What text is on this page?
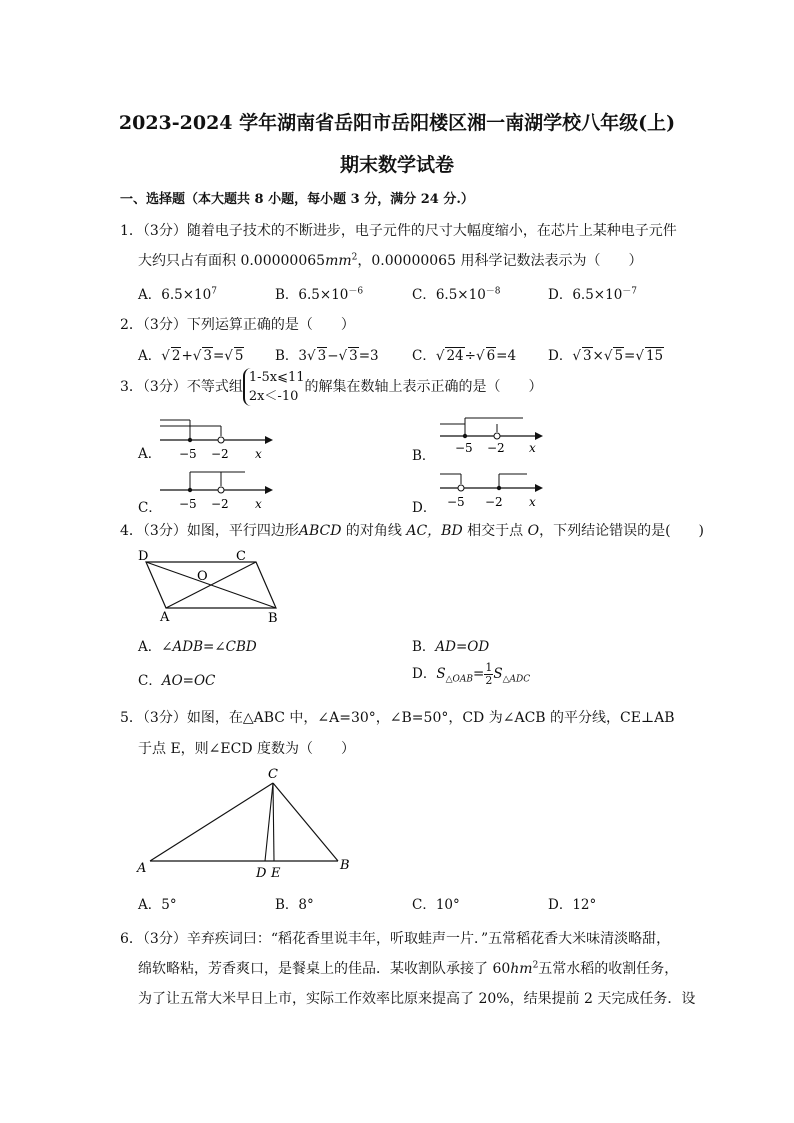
2023-2024 学年湖南省岳阳市岳阳楼区湘一南湖学校八年级(上)
期末数学试卷
一、选择题（本大题共 8 小题，每小题 3 分，满分 24 分.）
1．（3分）随着电子技术的不断进步，电子元件的尺寸大幅度缩小，在芯片上某种电子元件
大约只占有面积 $0.00000065mm^2$，0.00000065 用科学记数法表示为（　　）
A．$6.5\times 10^7$	B．$6.5\times 10^{-6}$	C．$6.5\times 10^{-8}$	D．$6.5\times 10^{-7}$
2．（3分）下列运算正确的是（　　）
A．√ 2+√ 3=√ 5 B．3√ 3−√ 3=3 C．√ 24÷√ 6=4 D．√ 3×√ 5=√ 15
3．（3分）不等式组
1-5x⩽11
2x＜-10
的解集在数轴上表示正确的是（　　）
A． −5 −2 x	B． −5 −2 x
C． −5 −2 x	D． −5 −2 x
4．（3分）如图，平行四边形ABCD 的对角线 AC，BD 相交于点 O，下列结论错误的是(　　)
D	C
O
A	B
A．∠ADB=∠CBD	B．AD=OD
C．AO=OC	D．$S_{\triangle OAB}= \frac{1}{2} S_{\triangle ADC}$
5．（3分）如图，在△ABC 中，∠A=30°，∠B=50°，CD 为∠ACB 的平分线，CE⊥AB
于点 E，则∠ECD 度数为（　　）
C
A	B
D E
A．5°	B．8°	C．10°	D．12°
6．（3分）辛弃疾词曰：“稻花香里说丰年，听取蛙声一片．”五常稻花香大米味清淡略甜，
绵软略粘，芳香爽口，是餐桌上的佳品．某收割队承接了 $60hm^2$五常水稻的收割任务，
为了让五常大米早日上市，实际工作效率比原来提高了 20%，结果提前 2 天完成任务．设
